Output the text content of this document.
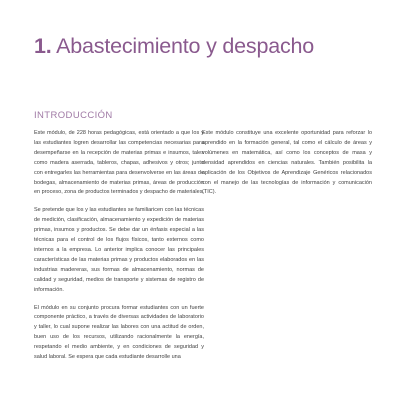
1. Abastecimiento y despacho
INTRODUCCIÓN

Este módulo, de 228 horas pedagógicas, está orientado a que los y las estudiantes logren desarrollar las competencias necesarias para desempeñarse en la recepción de materias primas e insumos, tales como madera aserrada, tableros, chapas, adhesivos y otros; junto con entregarles las herramientas para desenvolverse en las áreas de bodegas, almacenamiento de materias primas, áreas de producción en proceso, zona de productos terminados y despacho de materiales.

Se pretende que los y las estudiantes se familiaricen con las técnicas de medición, clasificación, almacenamiento y expedición de materias primas, insumos y productos. Se debe dar un énfasis especial a las técnicas para el control de los flujos físicos, tanto externos como internos a la empresa. Lo anterior implica conocer las principales características de las materias primas y productos elaborados en las industrias madereras, sus formas de almacenamiento, normas de calidad y seguridad, medios de transporte y sistemas de registro de información.

El módulo en su conjunto procura formar estudiantes con un fuerte componente práctico, a través de diversas actividades de laboratorio y taller, lo cual supone realizar las labores con una actitud de orden, buen uso de los recursos, utilizando racionalmente la energía, respetando el medio ambiente, y en condiciones de seguridad y salud laboral. Se espera que cada estudiante desarrolle una

Este módulo constituye una excelente oportunidad para reforzar lo aprendido en la formación general, tal como el cálculo de áreas y volúmenes en matemática, así como los conceptos de masa y densidad aprendidos en ciencias naturales. También posibilita la aplicación de los Objetivos de Aprendizaje Genéricos relacionados con el manejo de las tecnologías de información y comunicación (TIC).
